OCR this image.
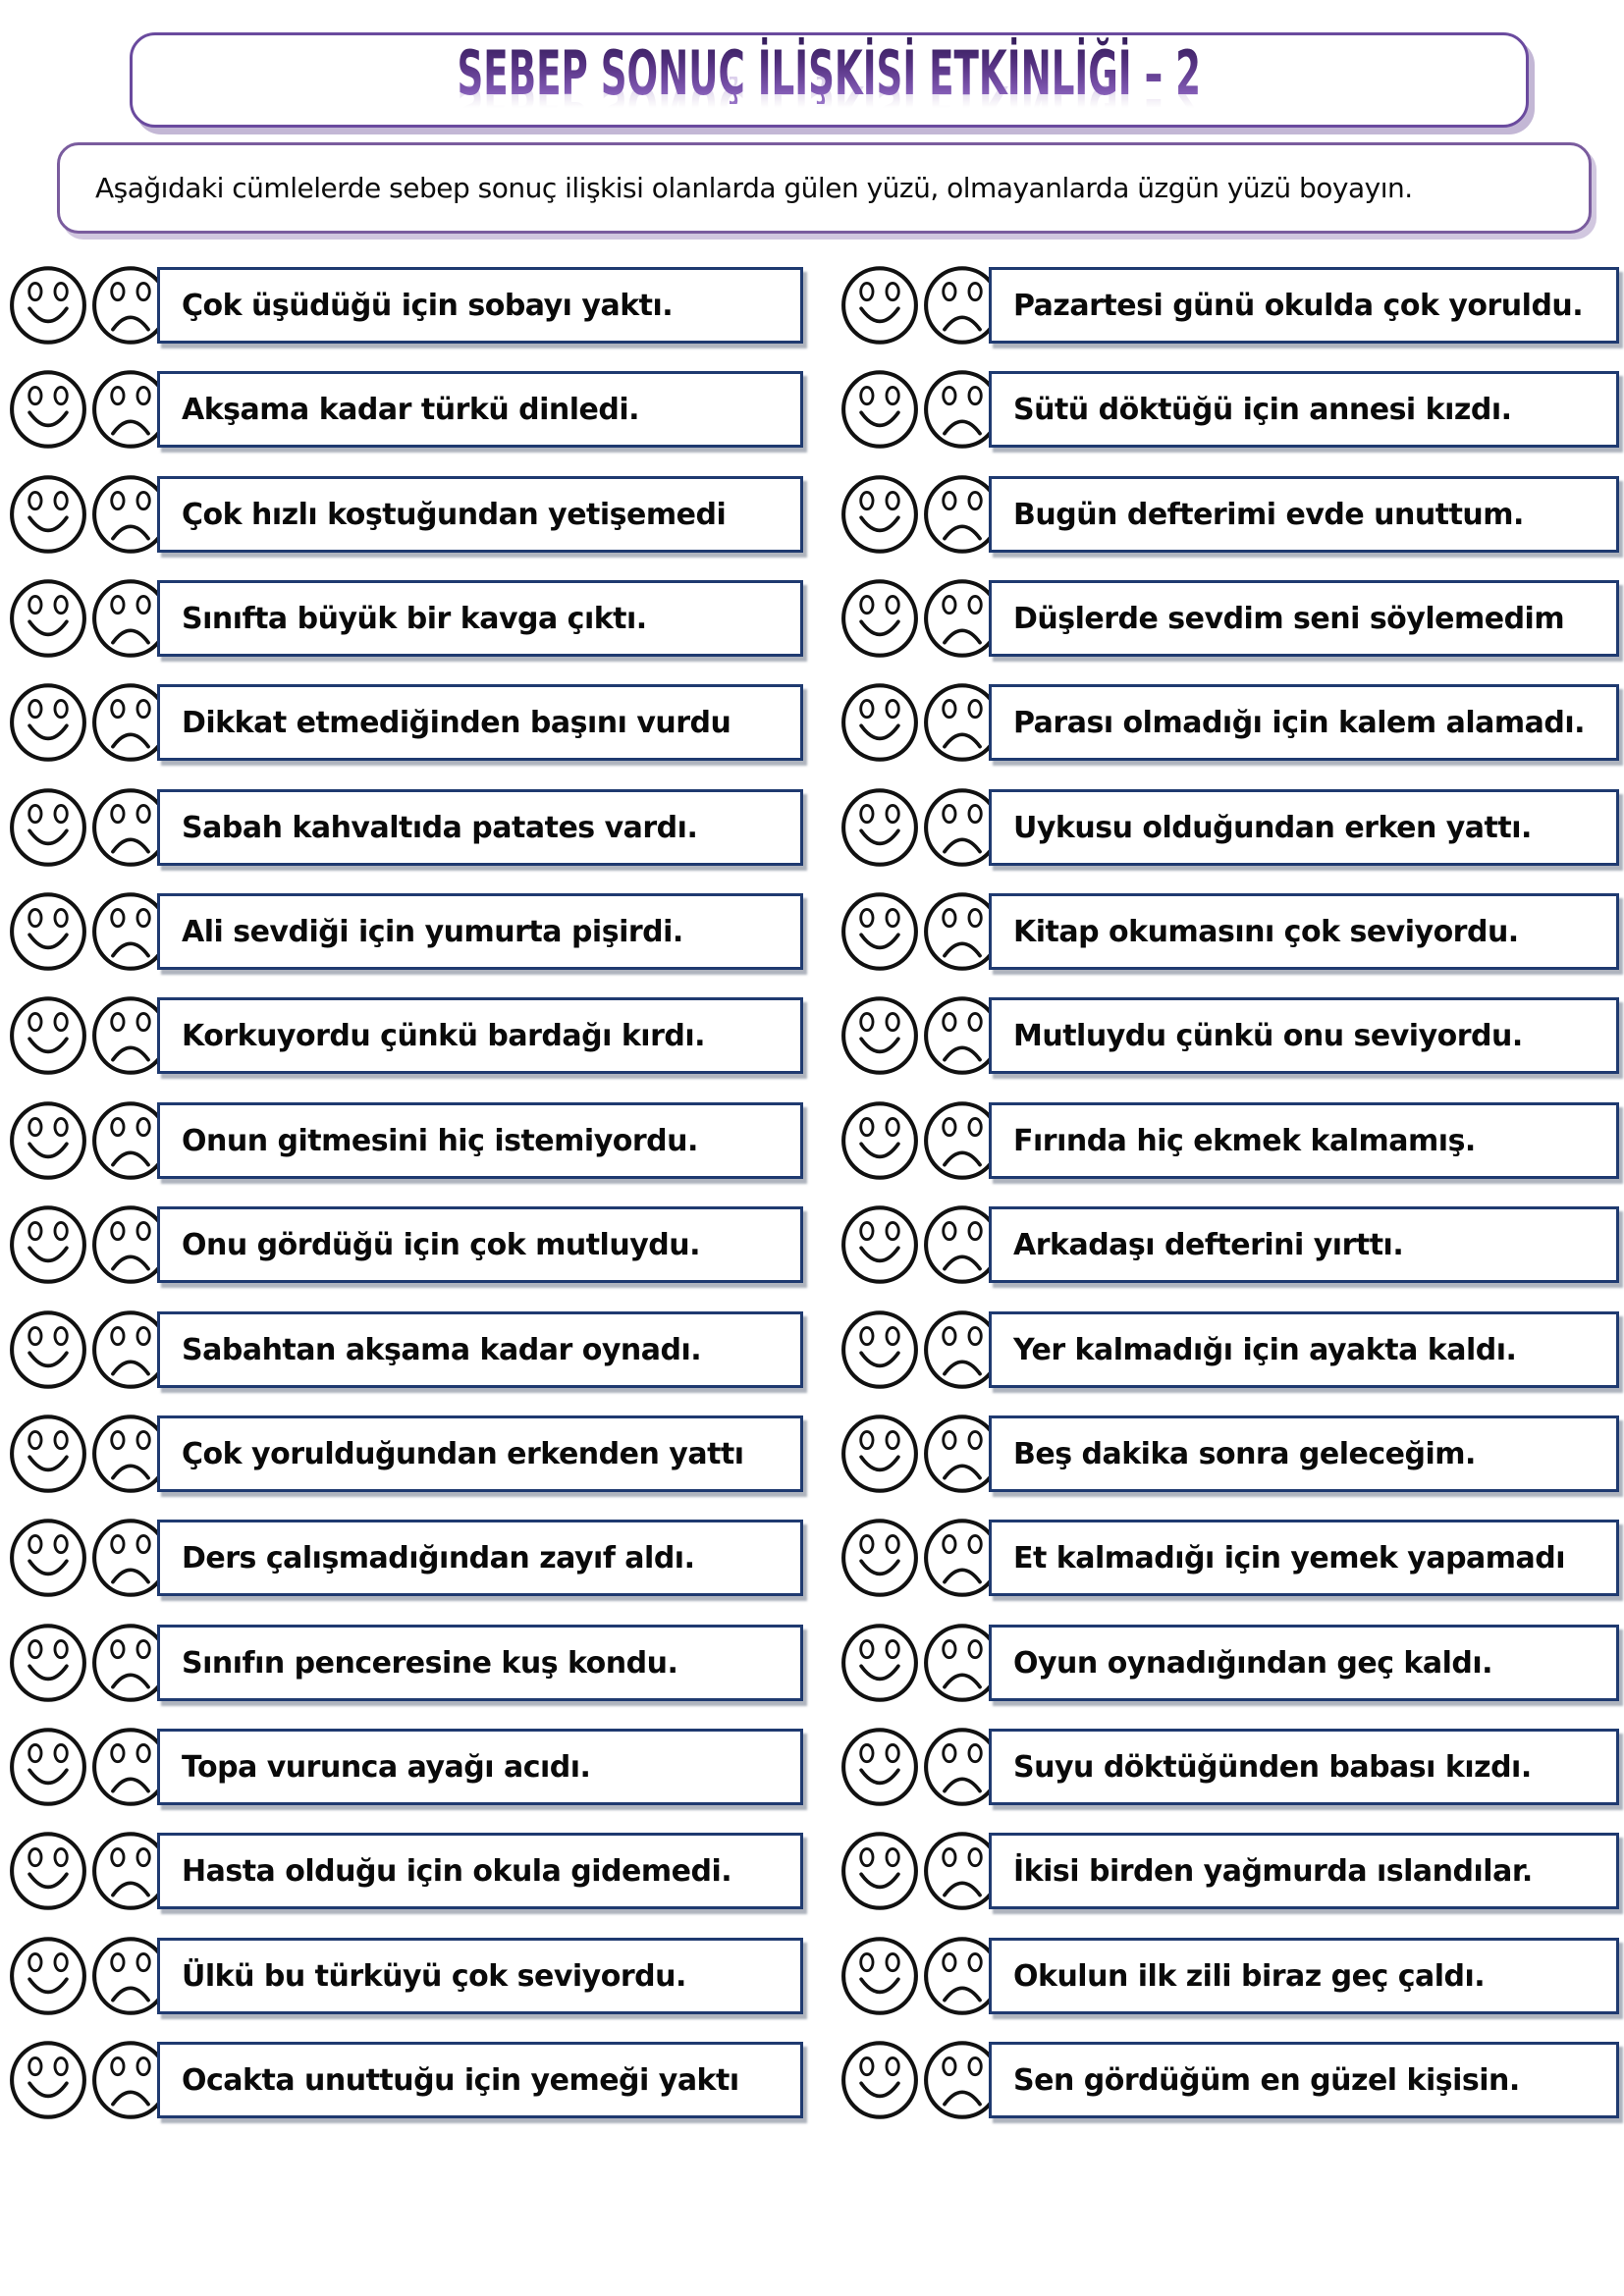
SEBEP SONUÇ İLİŞKİSİ ETKİNLİĞİ – 2
Aşağıdaki cümlelerde sebep sonuç ilişkisi olanlarda gülen yüzü, olmayanlarda üzgün yüzü boyayın.
Çok üşüdüğü için sobayı yaktı.
Akşama kadar türkü dinledi.
Çok hızlı koştuğundan yetişemedi
Sınıfta büyük bir kavga çıktı.
Dikkat etmediğinden başını vurdu
Sabah kahvaltıda patates vardı.
Ali sevdiği için yumurta pişirdi.
Korkuyordu çünkü bardağı kırdı.
Onun gitmesini hiç istemiyordu.
Onu gördüğü için çok mutluydu.
Sabahtan akşama kadar oynadı.
Çok yorulduğundan erkenden yattı
Ders çalışmadığından zayıf aldı.
Sınıfın penceresine kuş kondu.
Topa vurunca ayağı acıdı.
Hasta olduğu için okula gidemedi.
Ülkü bu türküyü çok seviyordu.
Ocakta unuttuğu için yemeği yaktı
Pazartesi günü okulda çok yoruldu.
Sütü döktüğü için annesi kızdı.
Bugün defterimi evde unuttum.
Düşlerde sevdim seni söylemedim
Parası olmadığı için kalem alamadı.
Uykusu olduğundan erken yattı.
Kitap okumasını çok seviyordu.
Mutluydu çünkü onu seviyordu.
Fırında hiç ekmek kalmamış.
Arkadaşı defterini yırttı.
Yer kalmadığı için ayakta kaldı.
Beş dakika sonra geleceğim.
Et kalmadığı için yemek yapamadı
Oyun oynadığından geç kaldı.
Suyu döktüğünden babası kızdı.
İkisi birden yağmurda ıslandılar.
Okulun ilk zili biraz geç çaldı.
Sen gördüğüm en güzel kişisin.
